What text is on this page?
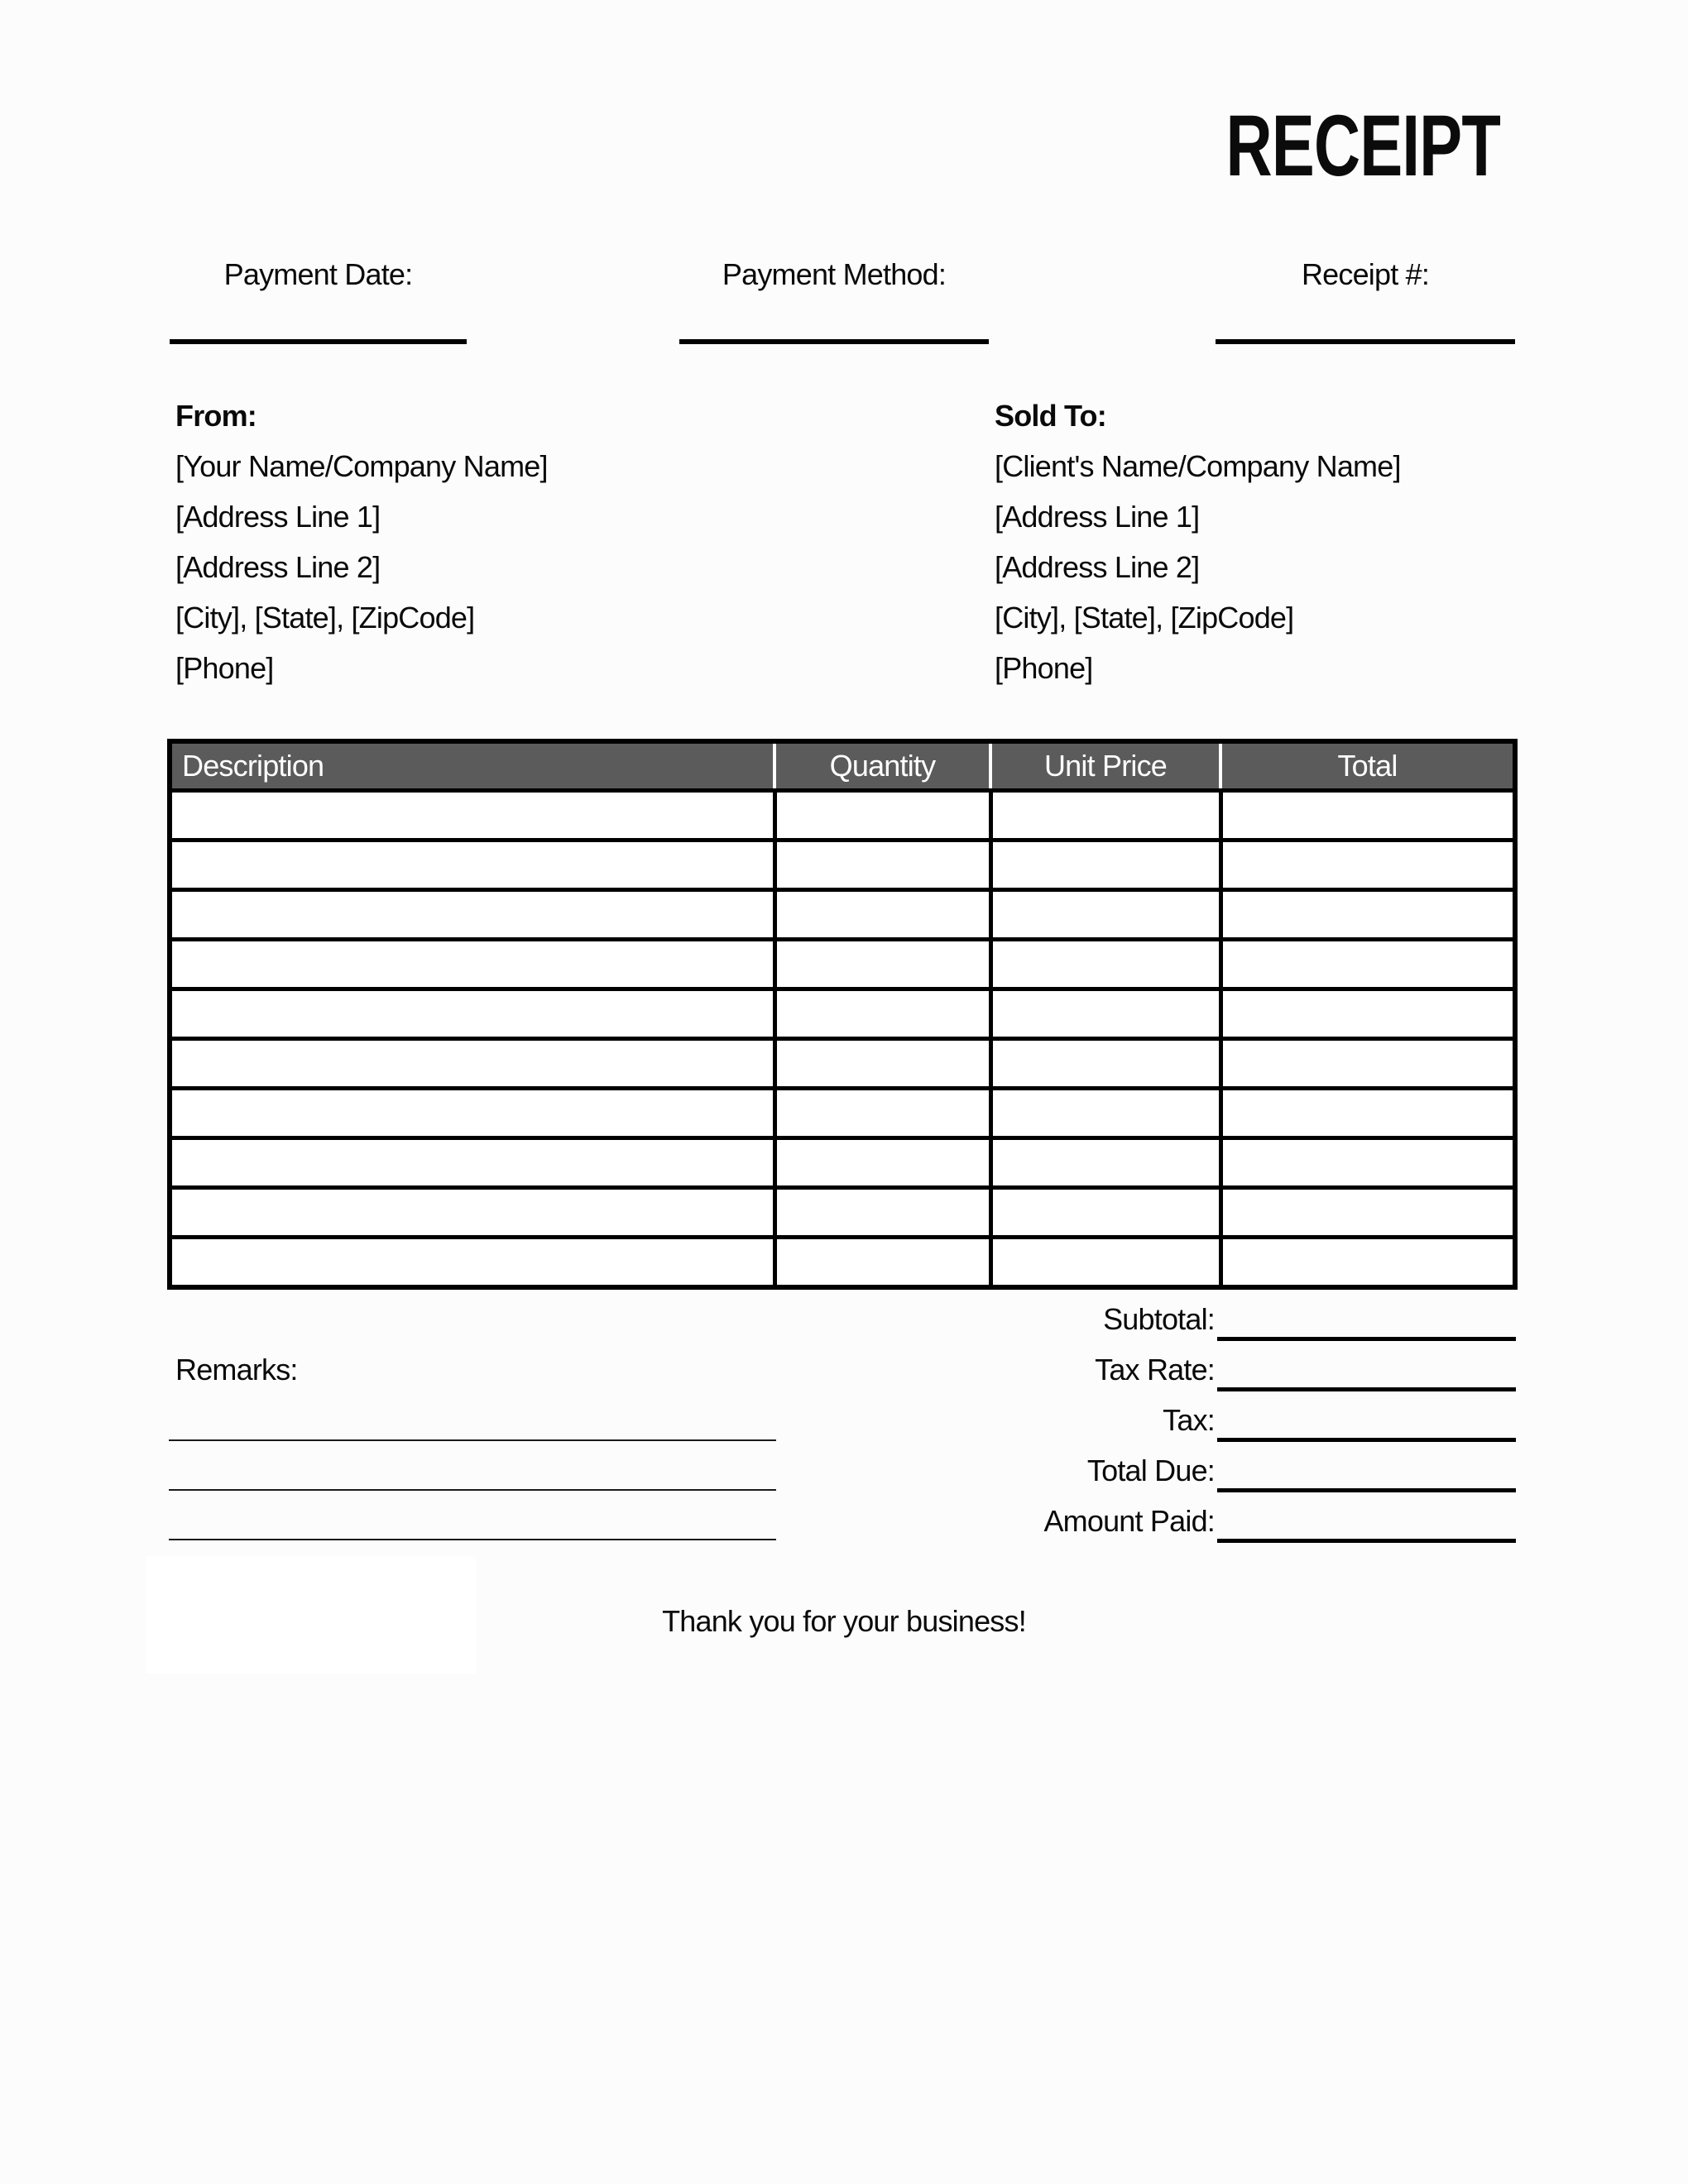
RECEIPT
Payment Date:	Payment Method:	Receipt #:
From:
[Your Name/Company Name]
[Address Line 1]
[Address Line 2]
[City], [State], [ZipCode]
[Phone]
Sold To:
[Client's Name/Company Name]
[Address Line 1]
[Address Line 2]
[City], [State], [ZipCode]
[Phone]
Description	Quantity	Unit Price	Total
Subtotal:
Tax Rate:
Tax:
Total Due:
Amount Paid:
Remarks:
Thank you for your business!
